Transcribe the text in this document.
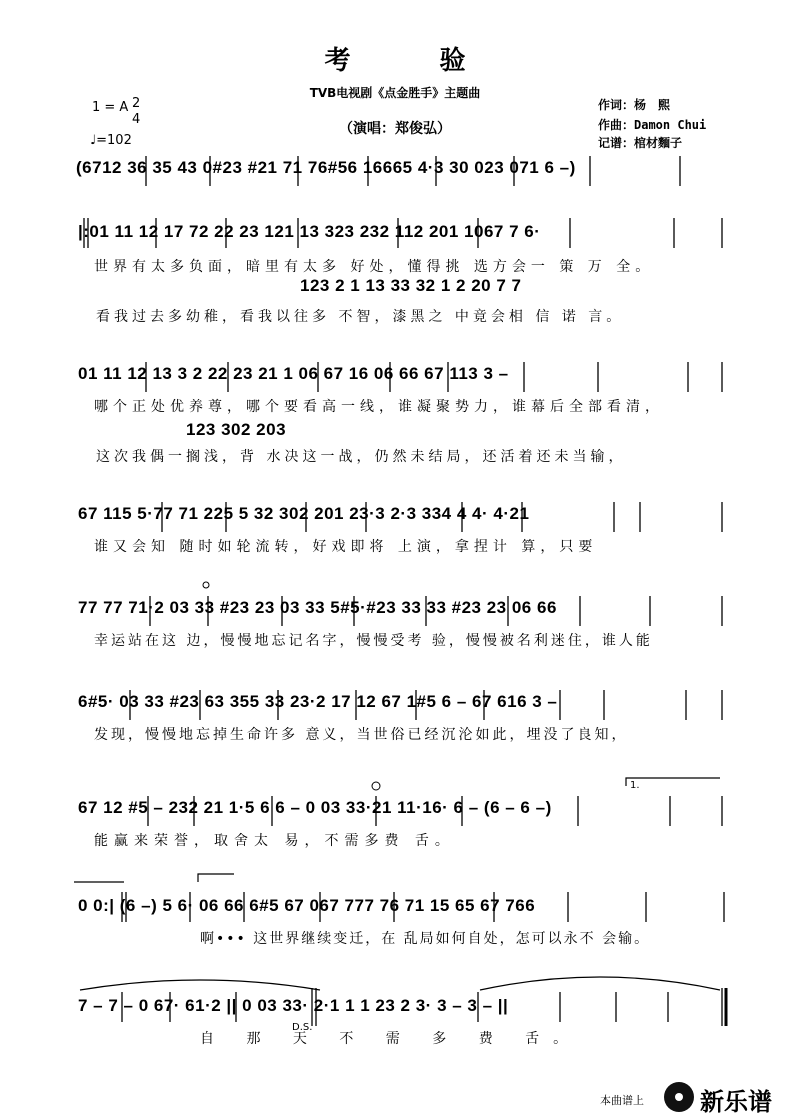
考 验
TVB电视剧《点金胜手》主题曲
（演唱：郑俊弘）
1 = A 2
4
♩=102
作词：杨　熙
作曲：Damon Chui
记谱：棺材麵子
(6712 36 35 43 0#23 #21 71 76#56 16665 4·3 30 023 071 6 –)
|:01 11 12 17 72 22 23 121 13 323 232 112 201 1067 7 6·
世界有太多负面，暗里有太多 好处，懂得挑 选方会一 策 万 全。
123 2 1 13 33 32 1 2 20 7 7
看我过去多幼稚，看我以往多 不智，漆黑之 中竟会相 信 诺 言。
01 11 12 13 3 2 22 23 21 1 06 67 16 06 66 67 113 3 –
哪个正处优养尊，哪个要看高一线，谁凝聚势力，谁幕后全部看清，
123 302 203
这次我偶一搁浅，背 水决这一战，仍然未结局，还活着还未当输，
67 115 5·77 71 225 5 32 302 201 23·3 2·3 334 4 4· 4·21
谁又会知 随时如轮流转，好戏即将 上演，拿捏计 算，只要
77 77 71·2 03 33 #23 23 03 33 5#5·#23 33 33 #23 23 06 66
幸运站在这 边，慢慢地忘记名字，慢慢受考 验，慢慢被名利迷住，谁人能
6#5· 03 33 #23 63 355 33 23·2 17 12 67 1#5 6 – 67 616 3 –
发现，慢慢地忘掉生命许多 意义，当世俗已经沉沦如此，埋没了良知，
1.
67 12 #5 – 232 21 1·5 6 6 – 0 03 33·21 11·16· 6 – (6 – 6 –)
能赢来荣誉，取舍太 易，不需多费 舌。
0 0:| (6 –) 5 6· 06 66 6#5 67 067 777 76 71 15 65 67 766
啊••• 这世界继续变迁，在 乱局如何自处，怎可以永不 会输。
7 – 7 – 0 67· 61·2 || 0 03 33· 2·1 1 1 23 2 3· 3 – 3 – ||
自 那 天 不 需 多 费 舌。
D.S.
本曲谱上 新乐谱
